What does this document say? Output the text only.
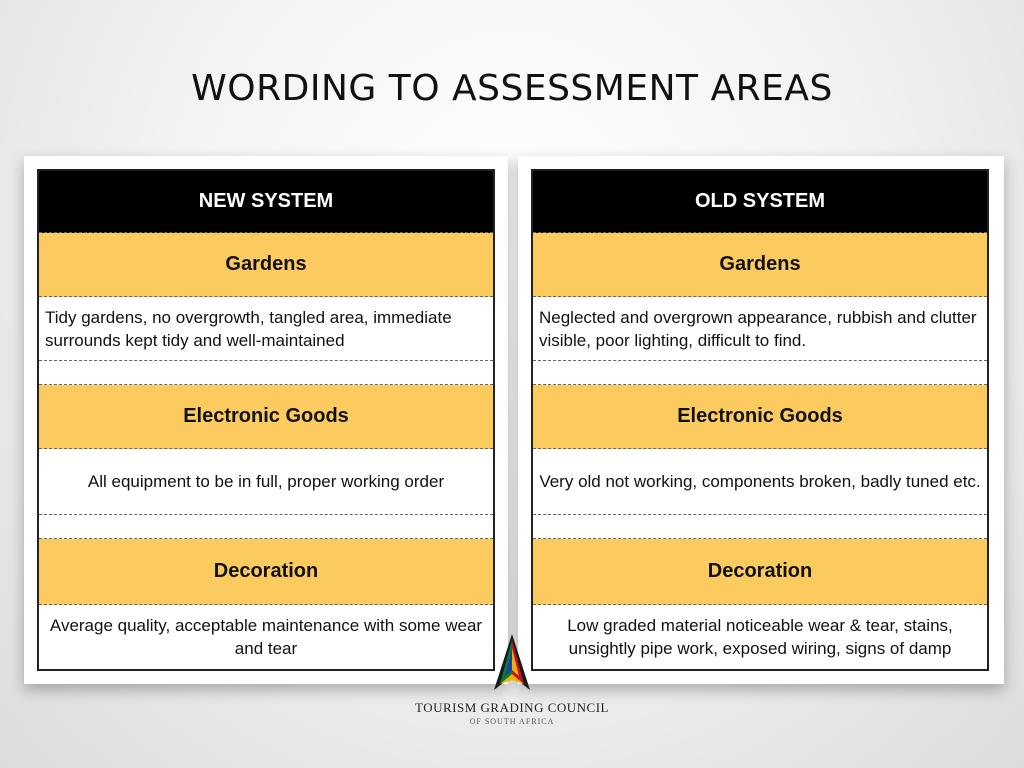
WORDING TO ASSESSMENT AREAS
NEW SYSTEM
Gardens
Tidy gardens, no overgrowth, tangled area, immediate surrounds kept tidy and well-maintained
Electronic Goods
All equipment to be in full, proper working order
Decoration
Average quality, acceptable maintenance with some wear and tear
OLD SYSTEM
Gardens
Neglected and overgrown appearance, rubbish and clutter visible, poor lighting, difficult to find.
Electronic Goods
Very old not working, components broken, badly tuned etc.
Decoration
Low graded material noticeable wear & tear, stains, unsightly pipe work, exposed wiring, signs of damp
TOURISM GRADING COUNCIL
OF SOUTH AFRICA
